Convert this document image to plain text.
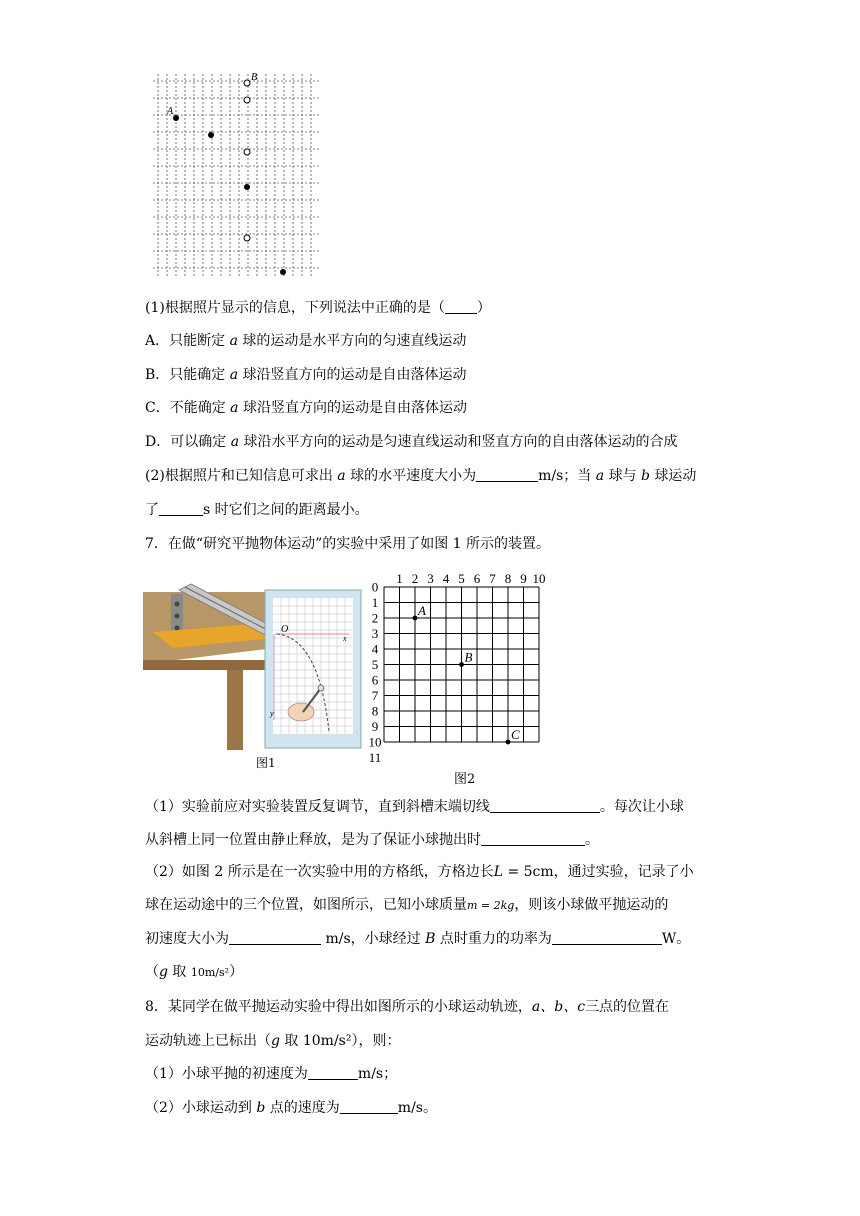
A
B
(1)根据照片显示的信息，下列说法中正确的是（ ）
A．只能断定 a 球的运动是水平方向的匀速直线运动
B．只能确定 a 球沿竖直方向的运动是自由落体运动
C．不能确定 a 球沿竖直方向的运动是自由落体运动
D．可以确定 a 球沿水平方向的运动是匀速直线运动和竖直方向的自由落体运动的合成
(2)根据照片和已知信息可求出 a 球的水平速度大小为	m/s；当 a 球与 b 球运动
了	s 时它们之间的距离最小。
7．在做“研究平抛物体运动”的实验中采用了如图 1 所示的装置。
O
x
y
图1
1 2 3 4 5 6 7 8 9 10
0
1
2
3
4
5
6
7
8
9
10
11
A
B
C
图2
（1）实验前应对实验装置反复调节，直到斜槽末端切线	。每次让小球
从斜槽上同一位置由静止释放，是为了保证小球抛出时	。
（2）如图 2 所示是在一次实验中用的方格纸，方格边长L = 5cm，通过实验，记录了小
球在运动途中的三个位置，如图所示，已知小球质量m = 2kg，则该小球做平抛运动的
初速度大小为	m/s，小球经过 B 点时重力的功率为	W。
（g 取 10m/s²）
8．某同学在做平抛运动实验中得出如图所示的小球运动轨迹，a、b、c三点的位置在
运动轨迹上已标出（g 取 10m/s²），则：
（1）小球平抛的初速度为	m/s；
（2）小球运动到 b 点的速度为	m/s。
